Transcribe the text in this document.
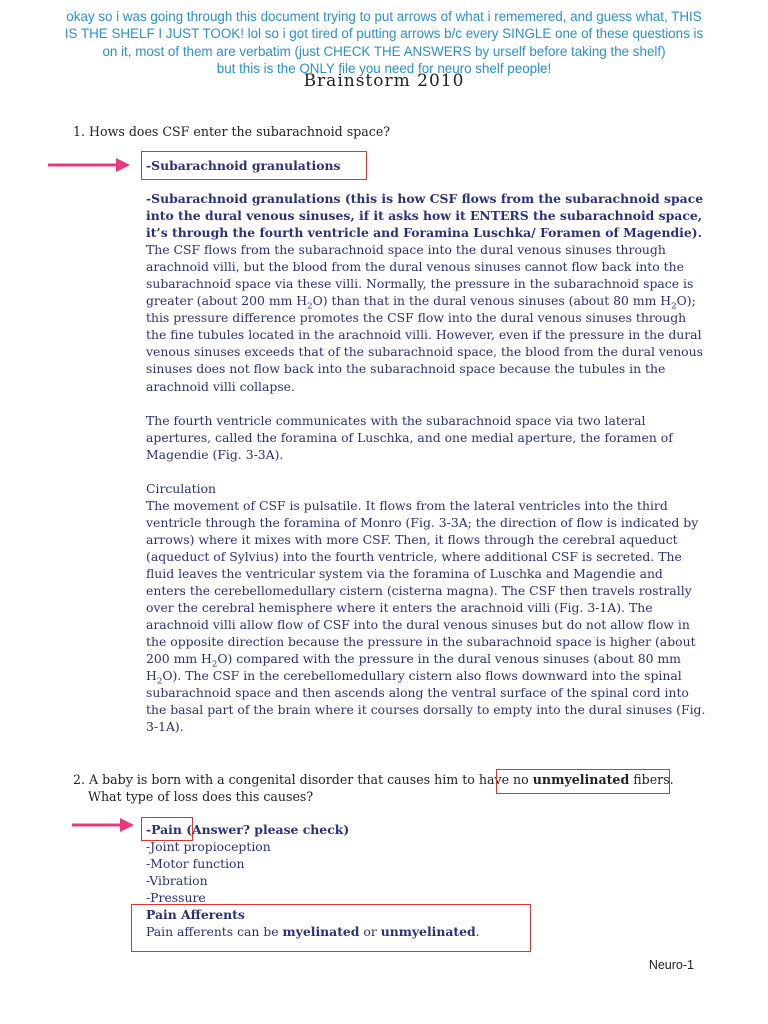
okay so i was going through this document trying to put arrows of what i rememered, and guess what, THIS
IS THE SHELF I JUST TOOK! lol so i got tired of putting arrows b/c every SINGLE one of these questions is
on it, most of them are verbatim (just CHECK THE ANSWERS by urself before taking the shelf)
but this is the ONLY file you need for neuro shelf people!
Brainstorm 2010
1. Hows does CSF enter the subarachnoid space?
-Subarachnoid granulations

-Subarachnoid granulations (this is how CSF flows from the subarachnoid space into the dural venous sinuses, if it asks how it ENTERS the subarachnoid space, it’s through the fourth ventricle and Foramina Luschka/ Foramen of Magendie).

The CSF flows from the subarachnoid space into the dural venous sinuses through arachnoid villi, but the blood from the dural venous sinuses cannot flow back into the subarachnoid space via these villi. Normally, the pressure in the subarachnoid space is greater (about 200 mm $H_2O$) than that in the dural venous sinuses (about 80 mm $H_2O$); this pressure difference promotes the CSF flow into the dural venous sinuses through the fine tubules located in the arachnoid villi. However, even if the pressure in the dural venous sinuses exceeds that of the subarachnoid space, the blood from the dural venous sinuses does not flow back into the subarachnoid space because the tubules in the arachnoid villi collapse.

The fourth ventricle communicates with the subarachnoid space via two lateral apertures, called the foramina of Luschka, and one medial aperture, the foramen of Magendie (Fig. 3-3A).

Circulation

The movement of CSF is pulsatile. It flows from the lateral ventricles into the third ventricle through the foramina of Monro (Fig. 3-3A; the direction of flow is indicated by arrows) where it mixes with more CSF. Then, it flows through the cerebral aqueduct (aqueduct of Sylvius) into the fourth ventricle, where additional CSF is secreted. The fluid leaves the ventricular system via the foramina of Luschka and Magendie and enters the cerebellomedullary cistern (cisterna magna). The CSF then travels rostrally over the cerebral hemisphere where it enters the arachnoid villi (Fig. 3-1A). The arachnoid villi allow flow of CSF into the dural venous sinuses but do not allow flow in the opposite direction because the pressure in the subarachnoid space is higher (about 200 mm $H_2O$) compared with the pressure in the dural venous sinuses (about 80 mm $H_2O$). The CSF in the cerebellomedullary cistern also flows downward into the spinal subarachnoid space and then ascends along the ventral surface of the spinal cord into the basal part of the brain where it courses dorsally to empty into the dural sinuses (Fig. 3-1A).

2. A baby is born with a congenital disorder that causes him to have no unmyelinated fibers.
What type of loss does this causes?

-Pain (Answer? please check)

-Joint propioception

-Motor function

-Vibration

-Pressure

Pain Afferents

Pain afferents can be myelinated or unmyelinated.

Neuro-1
